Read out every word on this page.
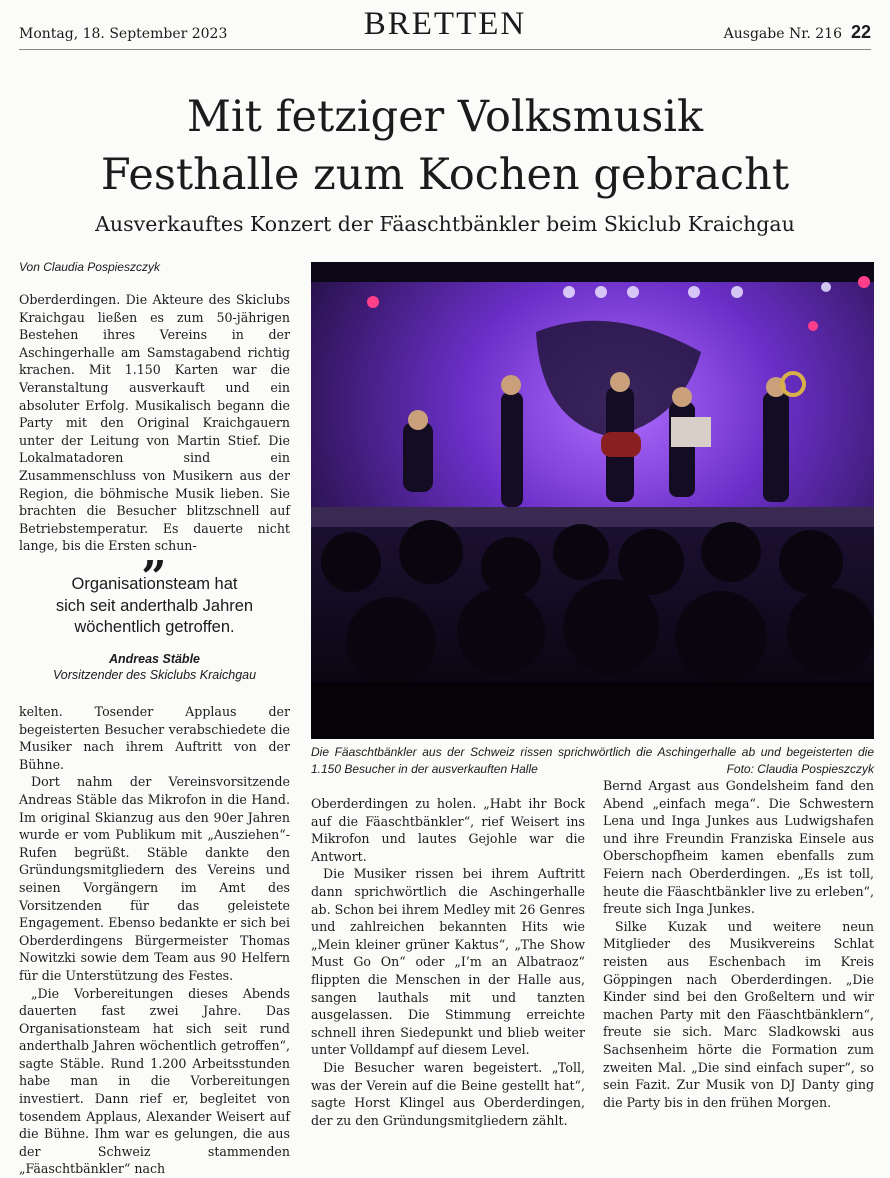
Montag, 18. September 2023	BRETTEN	Ausgabe Nr. 216 22
Mit fetziger Volksmusik
Festhalle zum Kochen gebracht
Ausverkauftes Konzert der Fäaschtbänkler beim Skiclub Kraichgau
Von Claudia Pospieszczyk

Oberderdingen. Die Akteure des Skiclubs Kraichgau ließen es zum 50-jährigen Bestehen ihres Vereins in der Aschingerhalle am Samstagabend richtig krachen. Mit 1.150 Karten war die Veranstaltung ausverkauft und ein absoluter Erfolg. Musikalisch begann die Party mit den Original Kraichgauern unter der Leitung von Martin Stief. Die Lokalmatadoren sind ein Zusammenschluss von Musikern aus der Region, die böhmische Musik lieben. Sie brachten die Besucher blitzschnell auf Betriebstemperatur. Es dauerte nicht lange, bis die Ersten schun-

„
Organisationsteam hat
sich seit anderthalb Jahren
wöchentlich getroffen.
Andreas Stäble
Vorsitzender des Skiclubs Kraichgau

kelten. Tosender Applaus der begeisterten Besucher verabschiedete die Musiker nach ihrem Auftritt von der Bühne.

Dort nahm der Vereinsvorsitzende Andreas Stäble das Mikrofon in die Hand. Im original Skianzug aus den 90er Jahren wurde er vom Publikum mit „Ausziehen“-Rufen begrüßt. Stäble dankte den Gründungsmitgliedern des Vereins und seinen Vorgängern im Amt des Vorsitzenden für das geleistete Engagement. Ebenso bedankte er sich bei Oberderdingens Bürgermeister Thomas Nowitzki sowie dem Team aus 90 Helfern für die Unterstützung des Festes.

„Die Vorbereitungen dieses Abends dauerten fast zwei Jahre. Das Organisationsteam hat sich seit rund anderthalb Jahren wöchentlich getroffen“, sagte Stäble. Rund 1.200 Arbeitsstunden habe man in die Vorbereitungen investiert. Dann rief er, begleitet von tosendem Applaus, Alexander Weisert auf die Bühne. Ihm war es gelungen, die aus der Schweiz stammenden „Fäaschtbänkler“ nach

Die Fäaschtbänkler aus der Schweiz rissen sprichwörtlich die Aschingerhalle ab und begeisterten die 1.150 Besucher in der ausverkauften Halle	Foto: Claudia Pospieszczyk

Oberderdingen zu holen. „Habt ihr Bock auf die Fäaschtbänkler“, rief Weisert ins Mikrofon und lautes Gejohle war die Antwort.

Die Musiker rissen bei ihrem Auftritt dann sprichwörtlich die Aschingerhalle ab. Schon bei ihrem Medley mit 26 Genres und zahlreichen bekannten Hits wie „Mein kleiner grüner Kaktus“, „The Show Must Go On“ oder „I’m an Albatraoz“ flippten die Menschen in der Halle aus, sangen lauthals mit und tanzten ausgelassen. Die Stimmung erreichte schnell ihren Siedepunkt und blieb weiter unter Volldampf auf diesem Level.

Die Besucher waren begeistert. „Toll, was der Verein auf die Beine gestellt hat“, sagte Horst Klingel aus Oberderdingen, der zu den Gründungsmitgliedern zählt.

Bernd Argast aus Gondelsheim fand den Abend „einfach mega“. Die Schwestern Lena und Inga Junkes aus Ludwigshafen und ihre Freundin Franziska Einsele aus Oberschopfheim kamen ebenfalls zum Feiern nach Oberderdingen. „Es ist toll, heute die Fäaschtbänkler live zu erleben“, freute sich Inga Junkes.

Silke Kuzak und weitere neun Mitglieder des Musikvereins Schlat reisten aus Eschenbach im Kreis Göppingen nach Oberderdingen. „Die Kinder sind bei den Großeltern und wir machen Party mit den Fäaschtbänklern“, freute sie sich. Marc Sladkowski aus Sachsenheim hörte die Formation zum zweiten Mal. „Die sind einfach super“, so sein Fazit. Zur Musik von DJ Danty ging die Party bis in den frühen Morgen.
